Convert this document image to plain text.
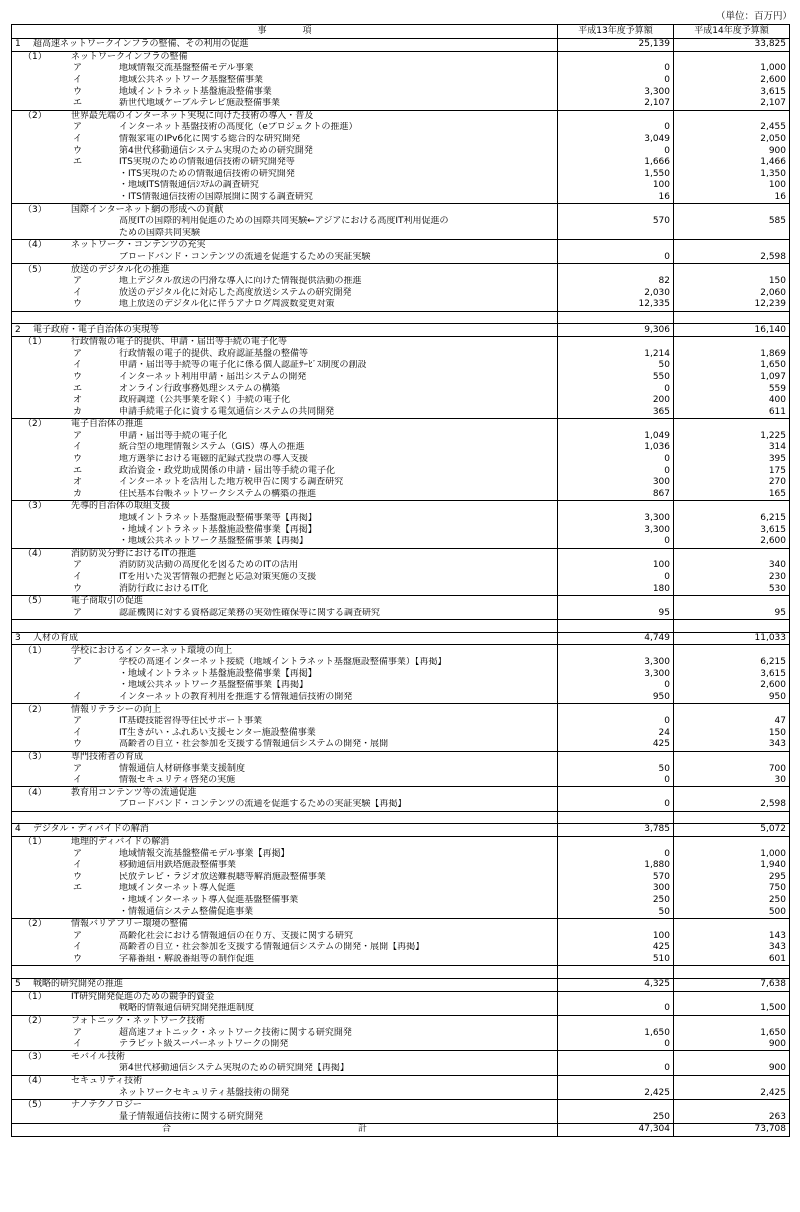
（単位：百万円）
事　　　　項	平成13年度予算額	平成14年度予算額
1 超高速ネットワークインフラの整備、その利用の促進	25,139	33,825
（1） ネットワークインフラの整備		
ア 地域情報交流基盤整備モデル事業	0	1,000
イ 地域公共ネットワーク基盤整備事業	0	2,600
ウ 地域イントラネット基盤施設整備事業	3,300	3,615
エ 新世代地域ケーブルテレビ施設整備事業	2,107	2,107
（2） 世界最先端のインターネット実現に向けた技術の導入・普及		
ア インターネット基盤技術の高度化（eプロジェクトの推進）	0	2,455
イ 情報家電のIPv6化に関する総合的な研究開発	3,049	2,050
ウ 第4世代移動通信システム実現のための研究開発	0	900
エ ITS実現のための情報通信技術の研究開発等	1,666	1,466
・ITS実現のための情報通信技術の研究開発	1,550	1,350
・地域ITS情報通信ｼｽﾃﾑの調査研究	100	100
・ITS情報通信技術の国際展開に関する調査研究	16	16
（3） 国際インターネット網の形成への貢献		
高度ITの国際的利用促進のための国際共同実験←アジアにおける高度IT利用促進の	570	585
ための国際共同実験		
（4） ネットワーク・コンテンツの充実		
ブロードバンド・コンテンツの流通を促進するための実証実験	0	2,598
（5） 放送のデジタル化の推進		
ア 地上デジタル放送の円滑な導入に向けた情報提供活動の推進	82	150
イ 放送のデジタル化に対応した高度放送システムの研究開発	2,030	2,060
ウ 地上放送のデジタル化に伴うアナログ周波数変更対策	12,335	12,239

2 電子政府・電子自治体の実現等	9,306	16,140
（1） 行政情報の電子的提供、申請・届出等手続の電子化等		
ア 行政情報の電子的提供、政府認証基盤の整備等	1,214	1,869
イ 申請・届出等手続等の電子化に係る個人認証ｻｰﾋﾞｽ制度の創設	50	1,650
ウ インターネット利用申請・届出システムの開発	550	1,097
エ オンライン行政事務処理システムの構築	0	559
オ 政府調達（公共事業を除く）手続の電子化	200	400
カ 申請手続電子化に資する電気通信システムの共同開発	365	611
（2） 電子自治体の推進		
ア 申請・届出等手続の電子化	1,049	1,225
イ 統合型の地理情報システム（GIS）導入の推進	1,036	314
ウ 地方選挙における電磁的記録式投票の導入支援	0	395
エ 政治資金・政党助成関係の申請・届出等手続の電子化	0	175
オ インターネットを活用した地方税申告に関する調査研究	300	270
カ 住民基本台帳ネットワークシステムの構築の推進	867	165
（3） 先導的自治体の取組支援		
地域イントラネット基盤施設整備事業等【再掲】	3,300	6,215
・地域イントラネット基盤施設整備事業【再掲】	3,300	3,615
・地域公共ネットワーク基盤整備事業【再掲】	0	2,600
（4） 消防防災分野におけるITの推進		
ア 消防防災活動の高度化を図るためのITの活用	100	340
イ ITを用いた災害情報の把握と応急対策実施の支援	0	230
ウ 消防行政におけるIT化	180	530
（5） 電子商取引の促進		
ア 認証機関に対する資格認定業務の実効性確保等に関する調査研究	95	95

3 人材の育成	4,749	11,033
（1） 学校におけるインターネット環境の向上		
ア 学校の高速インターネット接続（地域イントラネット基盤施設整備事業）【再掲】	3,300	6,215
・地域イントラネット基盤施設整備事業【再掲】	3,300	3,615
・地域公共ネットワーク基盤整備事業【再掲】	0	2,600
イ インターネットの教育利用を推進する情報通信技術の開発	950	950
（2） 情報リテラシーの向上		
ア IT基礎技能習得等住民サポート事業	0	47
イ IT生きがい・ふれあい支援センター施設整備事業	24	150
ウ 高齢者の自立・社会参加を支援する情報通信システムの開発・展開	425	343
（3） 専門技術者の育成		
ア 情報通信人材研修事業支援制度	50	700
イ 情報セキュリティ啓発の実施	0	30
（4） 教育用コンテンツ等の流通促進		
ブロードバンド・コンテンツの流通を促進するための実証実験【再掲】	0	2,598

4 デジタル・ディバイドの解消	3,785	5,072
（1） 地理的ディバイドの解消		
ア 地域情報交流基盤整備モデル事業【再掲】	0	1,000
イ 移動通信用鉄塔施設整備事業	1,880	1,940
ウ 民放テレビ・ラジオ放送難視聴等解消施設整備事業	570	295
エ 地域インターネット導入促進	300	750
・地域インターネット導入促進基盤整備事業	250	250
・情報通信システム整備促進事業	50	500
（2） 情報バリアフリー環境の整備		
ア 高齢化社会における情報通信の在り方、支援に関する研究	100	143
イ 高齢者の自立・社会参加を支援する情報通信システムの開発・展開【再掲】	425	343
ウ 字幕番組・解説番組等の制作促進	510	601

5 戦略的研究開発の推進	4,325	7,638
（1） IT研究開発促進のための競争的資金		
戦略的情報通信研究開発推進制度	0	1,500
（2） フォトニック・ネットワーク技術		
ア 超高速フォトニック・ネットワーク技術に関する研究開発	1,650	1,650
イ テラビット級スーパーネットワークの開発	0	900
（3） モバイル技術		
第4世代移動通信システム実現のための研究開発【再掲】	0	900
（4） セキュリティ技術		
ネットワークセキュリティ基盤技術の開発	2,425	2,425
（5） ナノテクノロジー		
量子情報通信技術に関する研究開発	250	263
合　　　計	47,304	73,708
